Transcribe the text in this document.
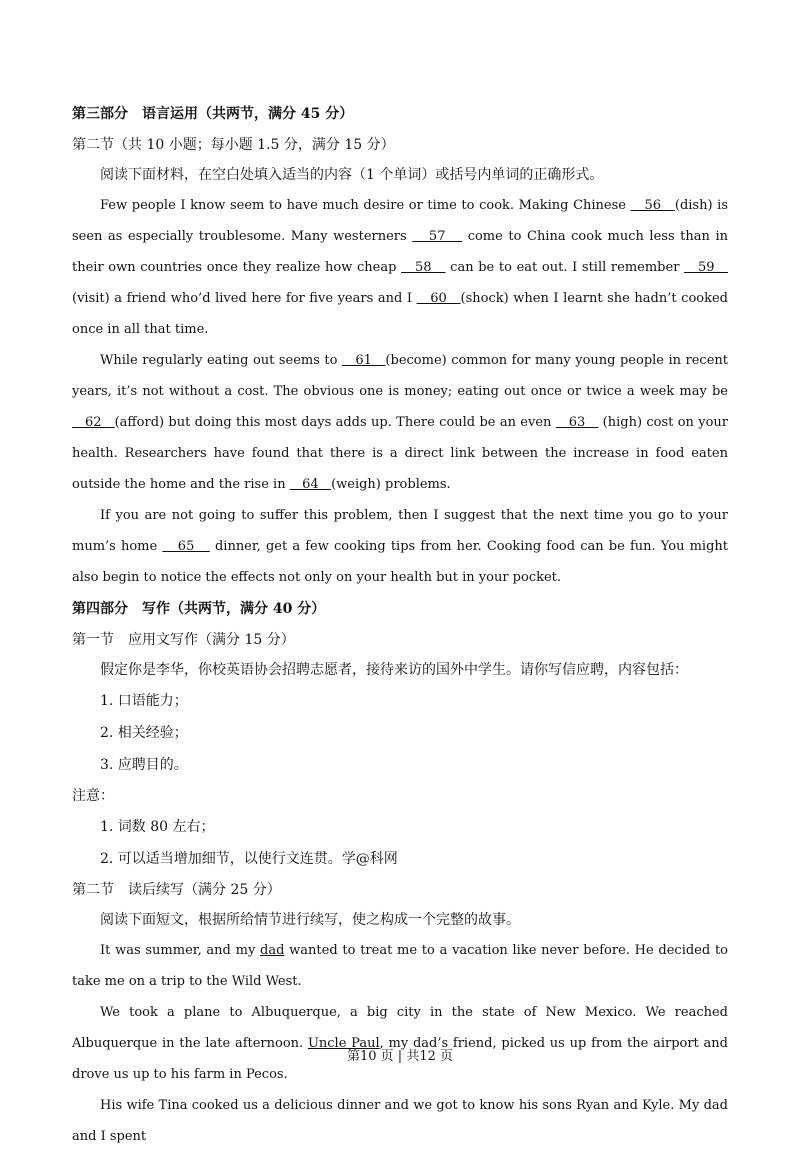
第三部分　语言运用（共两节，满分 45 分）
第二节（共 10 小题；每小题 1.5 分，满分 15 分）
阅读下面材料，在空白处填入适当的内容（1 个单词）或括号内单词的正确形式。

Few people I know seem to have much desire or time to cook. Making Chinese    56   (dish) is seen as especially troublesome. Many westerners    57    come to China cook much less than in their own countries once they realize how cheap    58    can be to eat out. I still remember    59    (visit) a friend who’d lived here for five years and I    60   (shock) when I learnt she hadn’t cooked once in all that time.

While regularly eating out seems to    61   (become) common for many young people in recent years, it’s not without a cost. The obvious one is money; eating out once or twice a week may be    62   (afford) but doing this most days adds up. There could be an even    63    (high) cost on your health. Researchers have found that there is a direct link between the increase in food eaten outside the home and the rise in    64   (weigh) problems.

If you are not going to suffer this problem, then I suggest that the next time you go to your mum’s home    65    dinner, get a few cooking tips from her. Cooking food can be fun. You might also begin to notice the effects not only on your health but in your pocket.

第四部分　写作（共两节，满分 40 分）
第一节　应用文写作（满分 15 分）
假定你是李华，你校英语协会招聘志愿者，接待来访的国外中学生。请你写信应聘，内容包括：
1. 口语能力；
2. 相关经验；
3. 应聘目的。
注意：
1. 词数 80 左右；
2. 可以适当增加细节，以使行文连贯。学@科网
第二节　读后续写（满分 25 分）
阅读下面短文，根据所给情节进行续写，使之构成一个完整的故事。

It was summer, and my dad wanted to treat me to a vacation like never before. He decided to take me on a trip to the Wild West.

We took a plane to Albuquerque, a big city in the state of New Mexico. We reached Albuquerque in the late afternoon. Uncle Paul, my dad’s friend, picked us up from the airport and drove us up to his farm in Pecos.

His wife Tina cooked us a delicious dinner and we got to know his sons Ryan and Kyle. My dad and I spent

第10 页 | 共12 页
